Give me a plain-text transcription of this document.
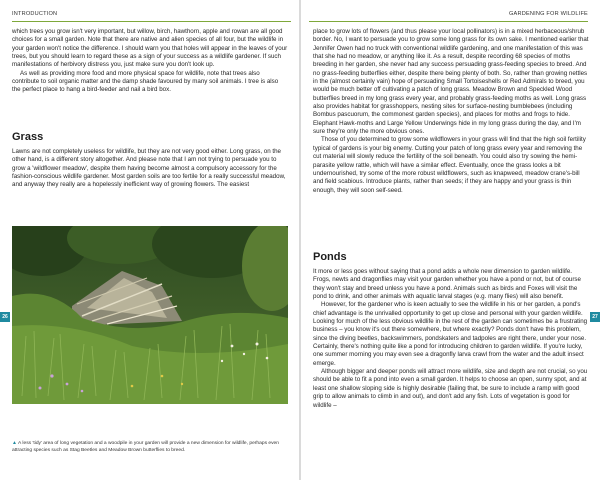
INTRODUCTION

which trees you grow isn't very important, but willow, birch, hawthorn, apple and rowan are all good choices for a small garden. Note that there are native and alien species of all four, but the wildlife in your garden won't notice the difference. I should warn you that holes will appear in the leaves of your trees, but you should learn to regard these as a sign of your success as a wildlife gardener. If such manifestations of herbivory distress you, just make sure you don't look up.

As well as providing more food and more physical space for wildlife, note that trees also contribute to soil organic matter and the damp shade favoured by many soil animals. I tree is also the perfect place to hang a bird-feeder and nail a bird box.

26
Grass

Lawns are not completely useless for wildlife, but they are not very good either. Long grass, on the other hand, is a different story altogether. And please note that I am not trying to persuade you to grow a 'wildflower meadow', despite them having become almost a compulsory accessory for the fashion-conscious wildlife gardener. Most garden soils are too fertile for a really successful meadow, and anyway they really are a hopelessly inefficient way of growing flowers. The easiest

▲ A less 'tidy' area of long vegetation and a woodpile in your garden will provide a new dimension for wildlife, perhaps even attracting species such as Stag Beetles and Meadow Brown butterflies to breed.
GARDENING FOR WILDLIFE

place to grow lots of flowers (and thus please your local pollinators) is in a mixed herbaceous/shrub border. No, I want to persuade you to grow some long grass for its own sake. I mentioned earlier that Jennifer Owen had no truck with conventional wildlife gardening, and one manifestation of this was that she had no meadow, or anything like it. As a result, despite recording 68 species of moths breeding in her garden, she never had any success persuading grass-feeding species to breed. And no grass-feeding butterflies either, despite there being plenty of both. So, rather than growing nettles in the (almost certainly vain) hope of persuading Small Tortoiseshells or Red Admirals to breed, you would be much better off cultivating a patch of long grass. Meadow Brown and Speckled Wood butterflies breed in my long grass every year, and probably grass-feeding moths as well. Long grass also provides habitat for grasshoppers, nesting sites for surface-nesting bumblebees (including Bombus pascuorum, the commonest garden species), and places for moths and frogs to hide. Elephant Hawk-moths and Large Yellow Underwings hide in my long grass during the day, and I'm sure they're only the more obvious ones.

Those of you determined to grow some wildflowers in your grass will find that the high soil fertility typical of gardens is your big enemy. Cutting your patch of long grass every year and removing the cut material will slowly reduce the fertility of the soil beneath. You could also try sowing the hemi-parasite yellow rattle, which will have a similar effect. Eventually, once the grass looks a bit undernourished, try some of the more robust wildflowers, such as knapweed, meadow crane's-bill and field scabious. Introduce plants, rather than seeds; if they are happy and your grass is thin enough, they will soon self-seed.

27
Ponds

It more or less goes without saying that a pond adds a whole new dimension to garden wildlife. Frogs, newts and dragonflies may visit your garden whether you have a pond or not, but of course they won't stay and breed unless you have a pond. Animals such as birds and Foxes will visit the pond to drink, and other animals with aquatic larval stages (e.g. many flies) will also benefit.

However, for the gardener who is keen actually to see the wildlife in his or her garden, a pond's chief advantage is the unrivalled opportunity to get up close and personal with your garden wildlife. Looking for much of the less obvious wildlife in the rest of the garden can sometimes be a frustrating business – you know it's out there somewhere, but where exactly? Ponds don't have this problem, since the diving beetles, backswimmers, pondskaters and tadpoles are right there, under your nose. Certainly, there's nothing quite like a pond for introducing children to garden wildlife. If you're lucky, one summer morning you may even see a dragonfly larva crawl from the water and the adult insect emerge.

Although bigger and deeper ponds will attract more wildlife, size and depth are not crucial, so you should be able to fit a pond into even a small garden. It helps to choose an open, sunny spot, and at least one shallow sloping side is highly desirable (failing that, be sure to include a ramp with good grip to allow animals to climb in and out), and don't add any fish. Lots of vegetation is good for wildlife –
